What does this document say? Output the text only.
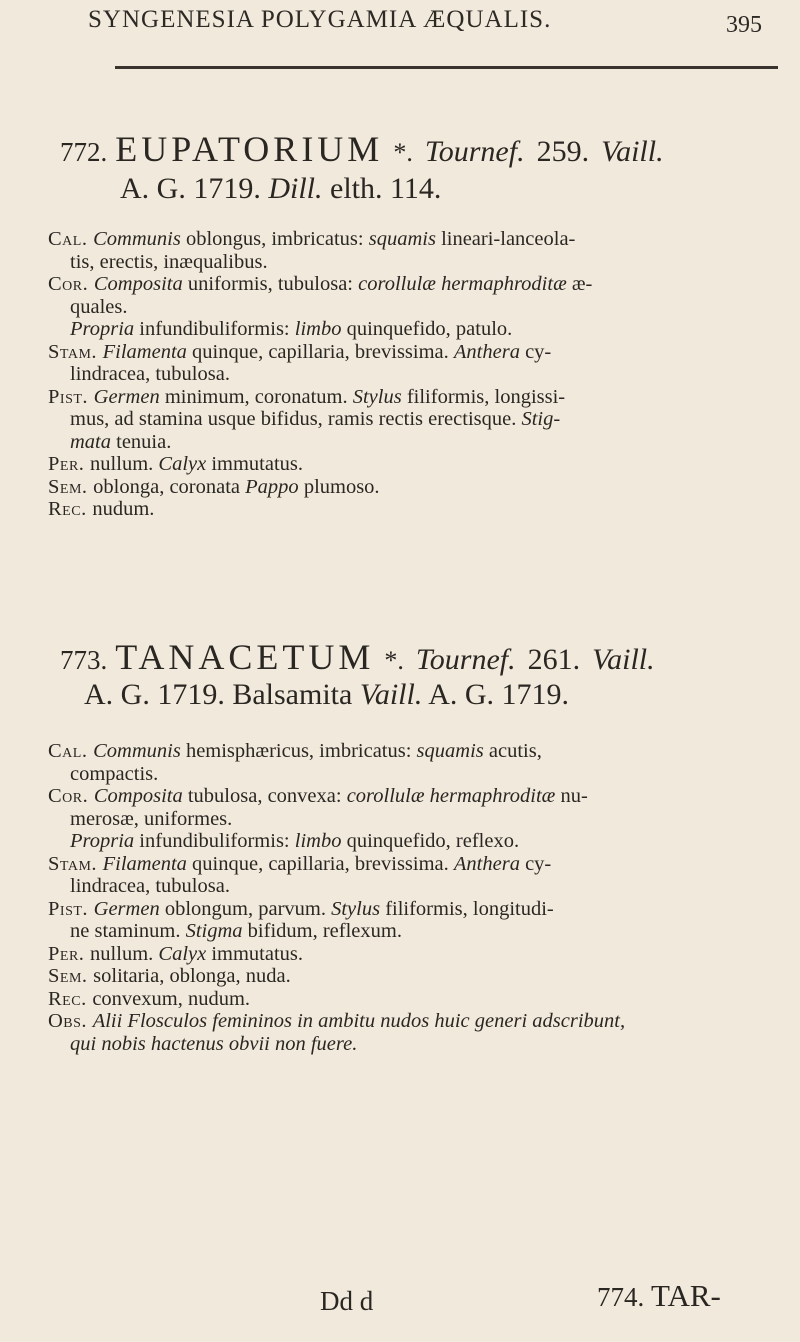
SYNGENESIA POLYGAMIA ÆQUALIS.	395
772. EUPATORIUM *. Tournef. 259. Vaill.
A. G. 1719. Dill. elth. 114.
Cal. Communis oblongus, imbricatus: squamis lineari-lanceola-
tis, erectis, inæqualibus.
Cor. Composita uniformis, tubulosa: corollulæ hermaphroditæ æ-
quales.
Propria infundibuliformis: limbo quinquefido, patulo.
Stam. Filamenta quinque, capillaria, brevissima. Anthera cy-
lindracea, tubulosa.
Pist. Germen minimum, coronatum. Stylus filiformis, longissi-
mus, ad stamina usque bifidus, ramis rectis erectisque. Stig-
mata tenuia.
Per. nullum. Calyx immutatus.
Sem. oblonga, coronata Pappo plumoso.
Rec. nudum.
773. TANACETUM *. Tournef. 261. Vaill.
A. G. 1719. Balsamita Vaill. A. G. 1719.
Cal. Communis hemisphæricus, imbricatus: squamis acutis,
compactis.
Cor. Composita tubulosa, convexa: corollulæ hermaphroditæ nu-
merosæ, uniformes.
Propria infundibuliformis: limbo quinquefido, reflexo.
Stam. Filamenta quinque, capillaria, brevissima. Anthera cy-
lindracea, tubulosa.
Pist. Germen oblongum, parvum. Stylus filiformis, longitudi-
ne staminum. Stigma bifidum, reflexum.
Per. nullum. Calyx immutatus.
Sem. solitaria, oblonga, nuda.
Rec. convexum, nudum.
Obs. Alii Flosculos femininos in ambitu nudos huic generi adscribunt,
qui nobis hactenus obvii non fuere.
Dd d	774. TAR-
